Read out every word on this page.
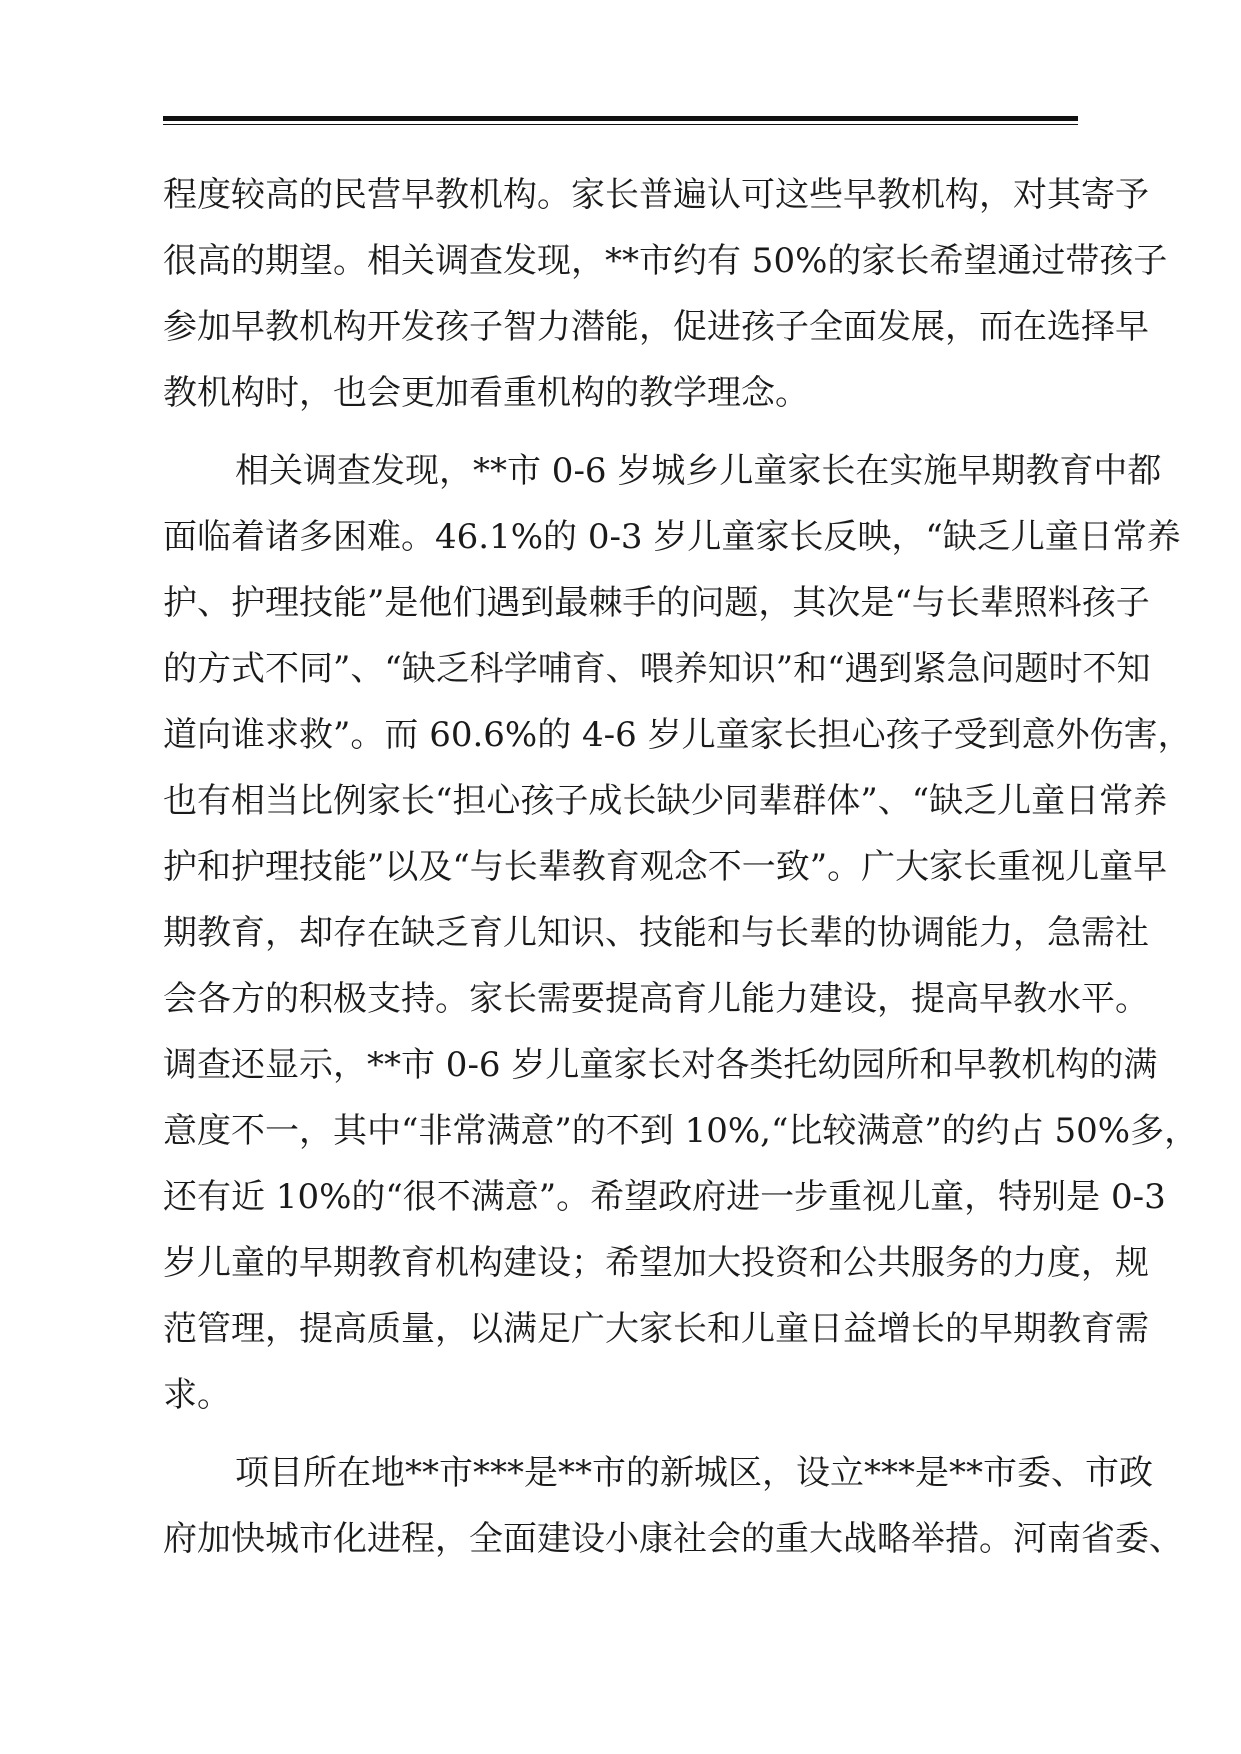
程度较高的民营早教机构。家长普遍认可这些早教机构，对其寄予
很高的期望。相关调查发现，**市约有 50%的家长希望通过带孩子
参加早教机构开发孩子智力潜能，促进孩子全面发展，而在选择早
教机构时，也会更加看重机构的教学理念。
相关调查发现，**市 0-6 岁城乡儿童家长在实施早期教育中都
面临着诸多困难。46.1%的 0-3 岁儿童家长反映，“缺乏儿童日常养
护、护理技能”是他们遇到最棘手的问题，其次是“与长辈照料孩子
的方式不同”、“缺乏科学哺育、喂养知识”和“遇到紧急问题时不知
道向谁求救”。而 60.6%的 4-6 岁儿童家长担心孩子受到意外伤害，
也有相当比例家长“担心孩子成长缺少同辈群体”、“缺乏儿童日常养
护和护理技能”以及“与长辈教育观念不一致”。广大家长重视儿童早
期教育，却存在缺乏育儿知识、技能和与长辈的协调能力，急需社
会各方的积极支持。家长需要提高育儿能力建设，提高早教水平。
调查还显示，**市 0-6 岁儿童家长对各类托幼园所和早教机构的满
意度不一，其中“非常满意”的不到 10%,“比较满意”的约占 50%多，
还有近 10%的“很不满意”。希望政府进一步重视儿童，特别是 0-3
岁儿童的早期教育机构建设；希望加大投资和公共服务的力度，规
范管理，提高质量，以满足广大家长和儿童日益增长的早期教育需
求。
项目所在地**市***是**市的新城区，设立***是**市委、市政
府加快城市化进程，全面建设小康社会的重大战略举措。河南省委、
